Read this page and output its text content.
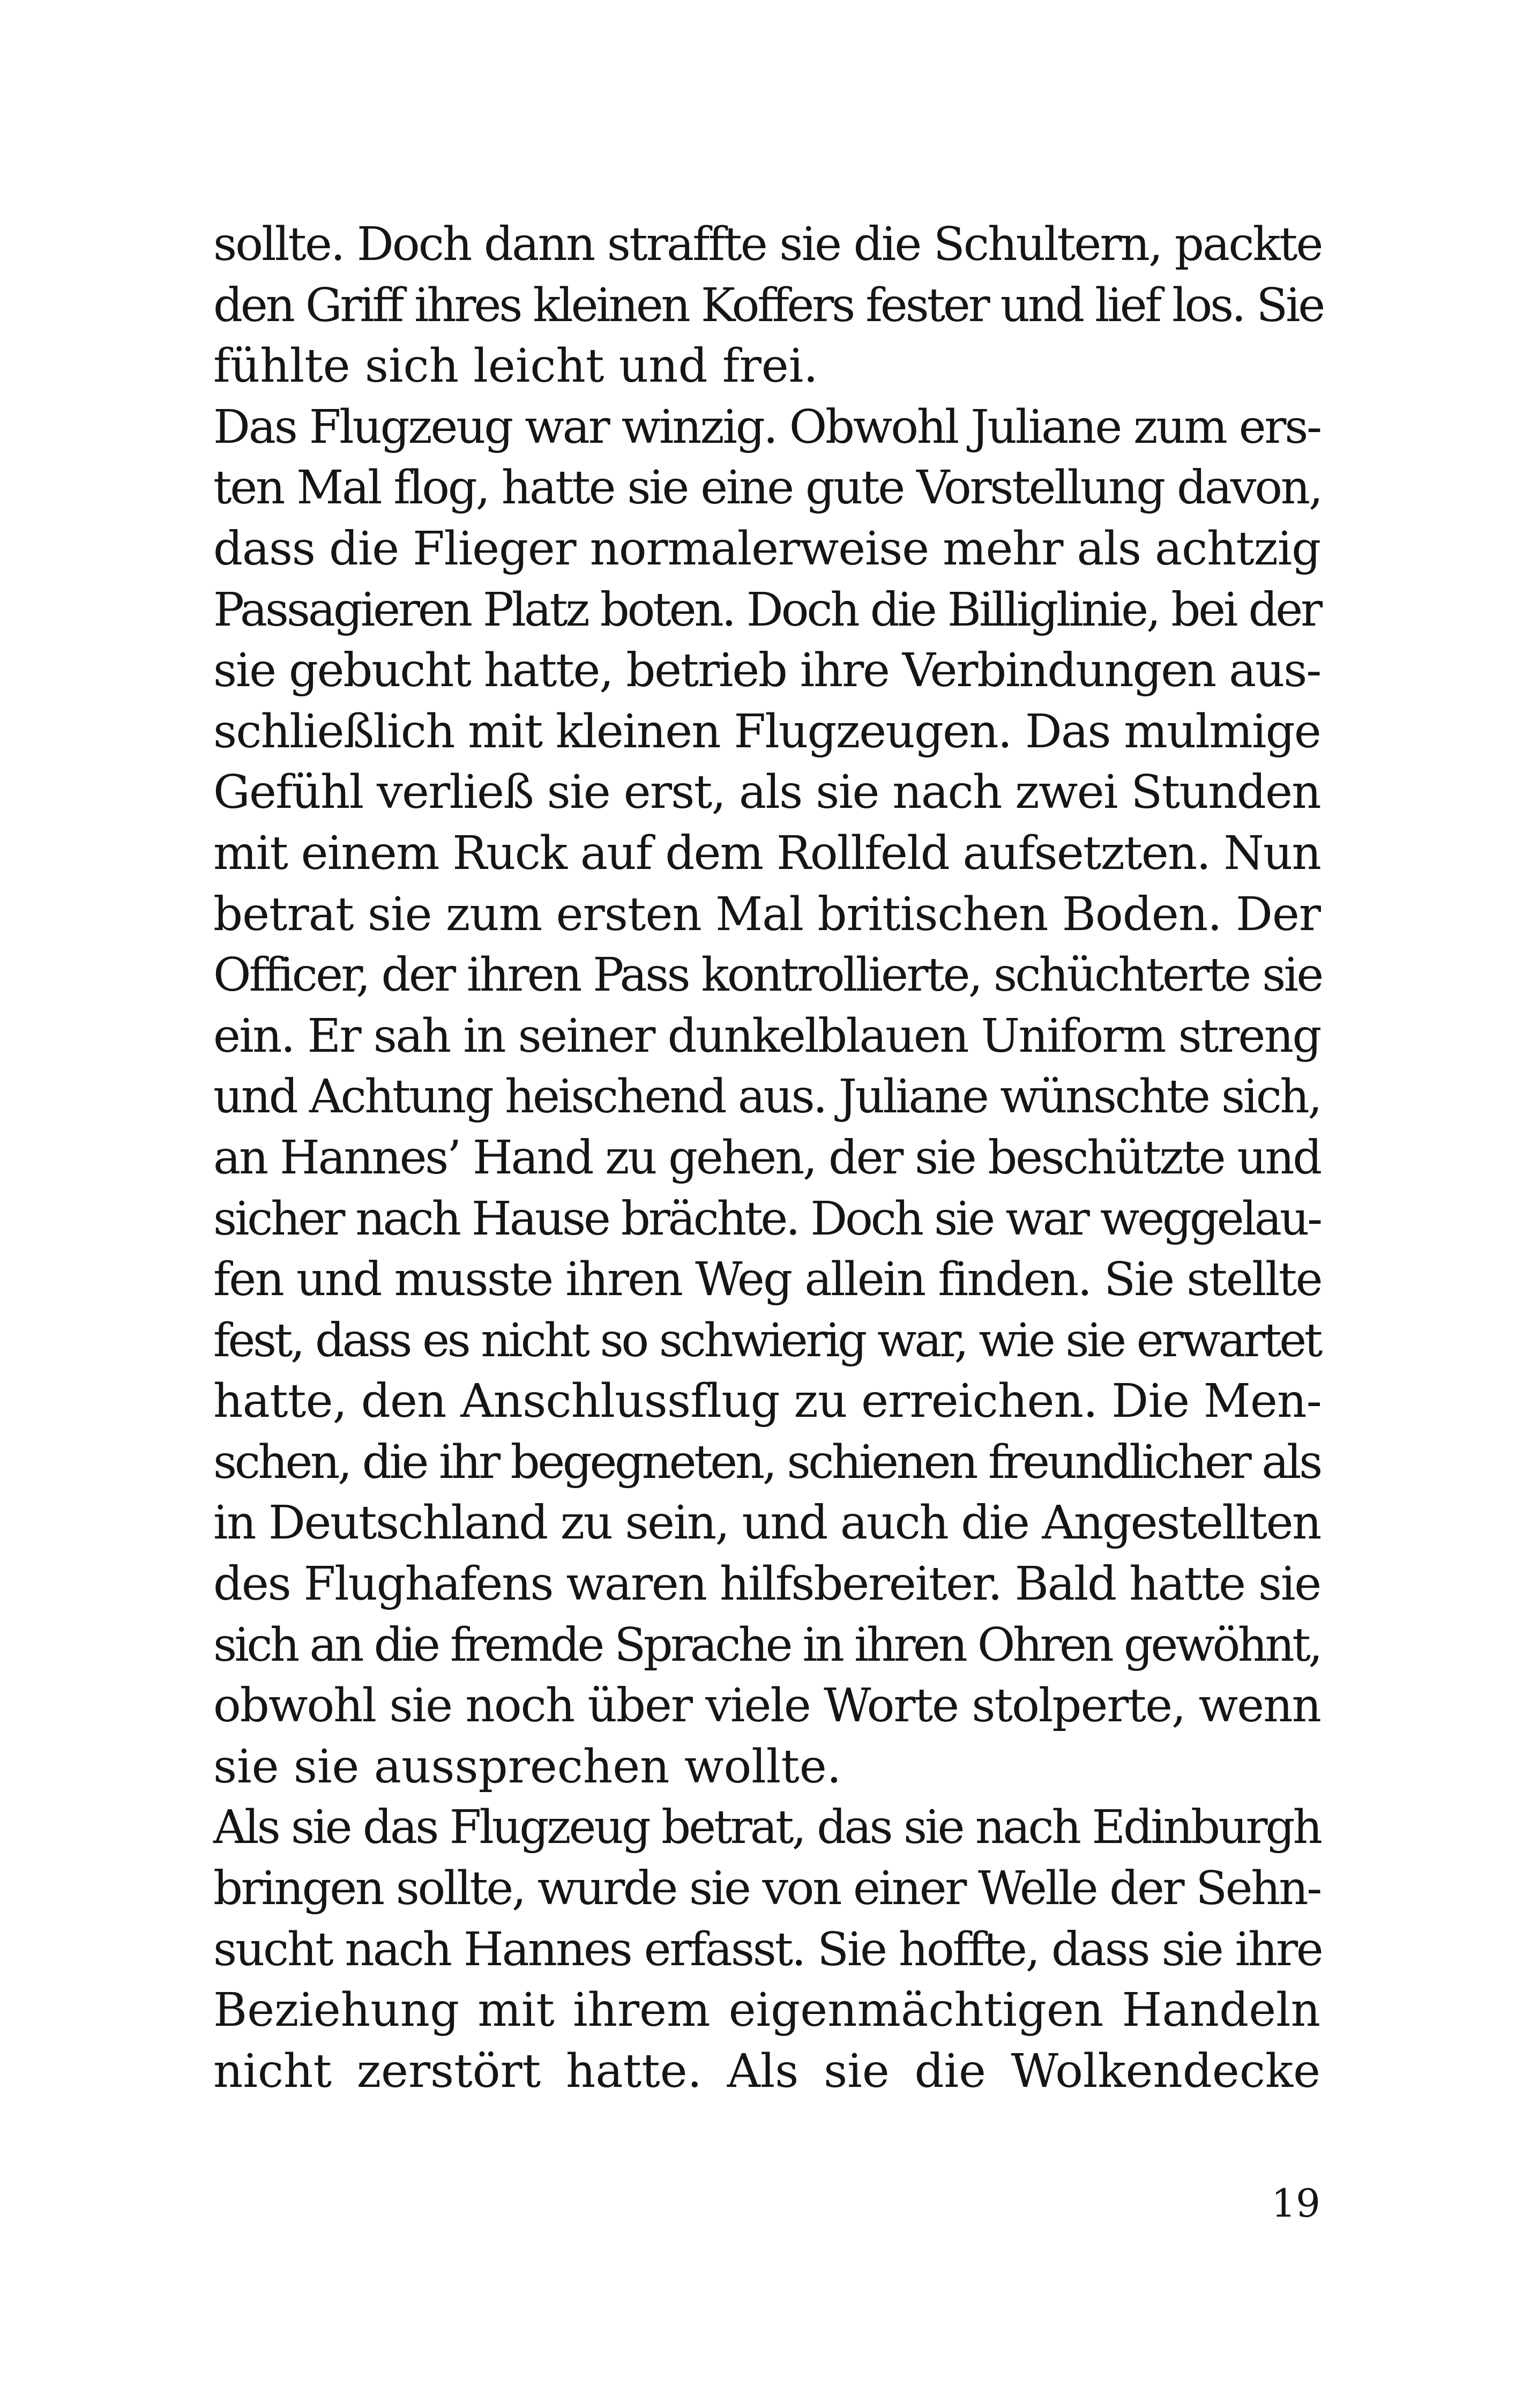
sollte. Doch dann straffte sie die Schultern, packte
den Griff ihres kleinen Koffers fester und lief los. Sie
fühlte sich leicht und frei.
Das Flugzeug war winzig. Obwohl Juliane zum ers-
ten Mal flog, hatte sie eine gute Vorstellung davon,
dass die Flieger normalerweise mehr als achtzig
Passagieren Platz boten. Doch die Billiglinie, bei der
sie gebucht hatte, betrieb ihre Verbindungen aus-
schließlich mit kleinen Flugzeugen. Das mulmige
Gefühl verließ sie erst, als sie nach zwei Stunden
mit einem Ruck auf dem Rollfeld aufsetzten. Nun
betrat sie zum ersten Mal britischen Boden. Der
Officer, der ihren Pass kontrollierte, schüchterte sie
ein. Er sah in seiner dunkelblauen Uniform streng
und Achtung heischend aus. Juliane wünschte sich,
an Hannes’ Hand zu gehen, der sie beschützte und
sicher nach Hause brächte. Doch sie war weggelau-
fen und musste ihren Weg allein finden. Sie stellte
fest, dass es nicht so schwierig war, wie sie erwartet
hatte, den Anschlussflug zu erreichen. Die Men-
schen, die ihr begegneten, schienen freundlicher als
in Deutschland zu sein, und auch die Angestellten
des Flughafens waren hilfsbereiter. Bald hatte sie
sich an die fremde Sprache in ihren Ohren gewöhnt,
obwohl sie noch über viele Worte stolperte, wenn
sie sie aussprechen wollte.
Als sie das Flugzeug betrat, das sie nach Edinburgh
bringen sollte, wurde sie von einer Welle der Sehn-
sucht nach Hannes erfasst. Sie hoffte, dass sie ihre
Beziehung mit ihrem eigenmächtigen Handeln
nicht zerstört hatte. Als sie die Wolkendecke
19
